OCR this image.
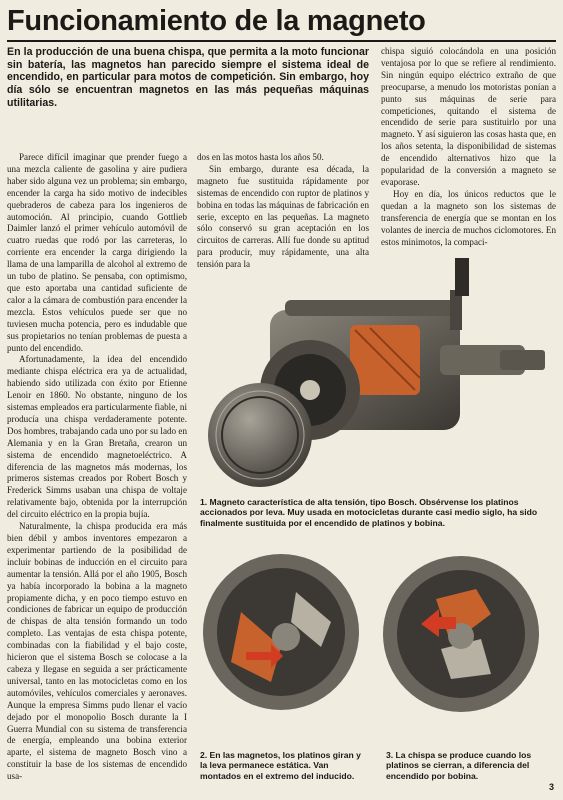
Funcionamiento de la magneto

En la producción de una buena chispa, que permita a la moto funcionar sin batería, las magnetos han parecido siempre el sistema ideal de encendido, en particular para motos de competición. Sin embargo, hoy día sólo se encuentran magnetos en las más pequeñas máquinas utilitarias.

Parece difícil imaginar que prender fuego a una mezcla caliente de gasolina y aire pudiera haber sido alguna vez un problema; sin embargo, encender la carga ha sido motivo de indecibles quebraderos de cabeza para los ingenieros de automoción. Al principio, cuando Gottlieb Daimler lanzó el primer vehículo automóvil de cuatro ruedas que rodó por las carreteras, lo corriente era encender la carga dirigiendo la llama de una lamparilla de alcohol al extremo de un tubo de platino. Se pensaba, con optimismo, que esto aportaba una cantidad suficiente de calor a la cámara de combustión para encender la mezcla. Estos vehículos puede ser que no tuviesen mucha potencia, pero es indudable que sus propietarios no tenían problemas de puesta a punto del encendido.

Afortunadamente, la idea del encendido mediante chispa eléctrica era ya de actualidad, habiendo sido utilizada con éxito por Etienne Lenoir en 1860. No obstante, ninguno de los sistemas empleados era particularmente fiable, ni producía una chispa verdaderamente potente. Dos hombres, trabajando cada uno por su lado en Alemania y en la Gran Bretaña, crearon un sistema de encendido magnetoeléctrico. A diferencia de las magnetos más modernas, los primeros sistemas creados por Robert Bosch y Frederick Simms usaban una chispa de voltaje relativamente bajo, obtenida por la interrupción del circuito eléctrico en la propia bujía.

Naturalmente, la chispa producida era más bien débil y ambos inventores empezaron a experimentar partiendo de la posibilidad de incluir bobinas de inducción en el circuito para aumentar la tensión. Allá por el año 1905, Bosch ya había incorporado la bobina a la magneto propiamente dicha, y en poco tiempo estuvo en condiciones de fabricar un equipo de producción de chispas de alta tensión formando un todo completo. Las ventajas de esta chispa potente, combinadas con la fiabilidad y el bajo coste, hicieron que el sistema Bosch se colocase a la cabeza y llegase en seguida a ser prácticamente universal, tanto en las motocicletas como en los automóviles, vehículos comerciales y aeronaves. Aunque la empresa Simms pudo llenar el vacío dejado por el monopolio Bosch durante la I Guerra Mundial con su sistema de transferencia de energía, empleando una bobina exterior aparte, el sistema de magneto Bosch vino a constituir la base de los sistemas de encendido usa-

dos en las motos hasta los años 50.

Sin embargo, durante esa década, la magneto fue sustituida rápidamente por sistemas de encendido con ruptor de platinos y bobina en todas las máquinas de fabricación en serie, excepto en las pequeñas. La magneto sólo conservó su gran aceptación en los circuitos de carreras. Allí fue donde su aptitud para producir, muy rápidamente, una alta tensión para la

chispa siguió colocándola en una posición ventajosa por lo que se refiere al rendimiento. Sin ningún equipo eléctrico extraño de que preocuparse, a menudo los motoristas ponían a punto sus máquinas de serie para competiciones, quitando el sistema de encendido de serie para sustituirlo por una magneto. Y así siguieron las cosas hasta que, en los años setenta, la disponibilidad de sistemas de encendido alternativos hizo que la popularidad de la conversión a magneto se evaporase.

Hoy en día, los únicos reductos que le quedan a la magneto son los sistemas de transferencia de energía que se montan en los volantes de inercia de muchos ciclomotores. En estos minimotos, la compaci-

1. Magneto característica de alta tensión, tipo Bosch. Obsérvense los platinos accionados por leva. Muy usada en motocicletas durante casi medio siglo, ha sido finalmente sustituida por el encendido de platinos y bobina.

2. En las magnetos, los platinos giran y la leva permanece estática. Van montados en el extremo del inducido.

3. La chispa se produce cuando los platinos se cierran, a diferencia del encendido por bobina.

3
